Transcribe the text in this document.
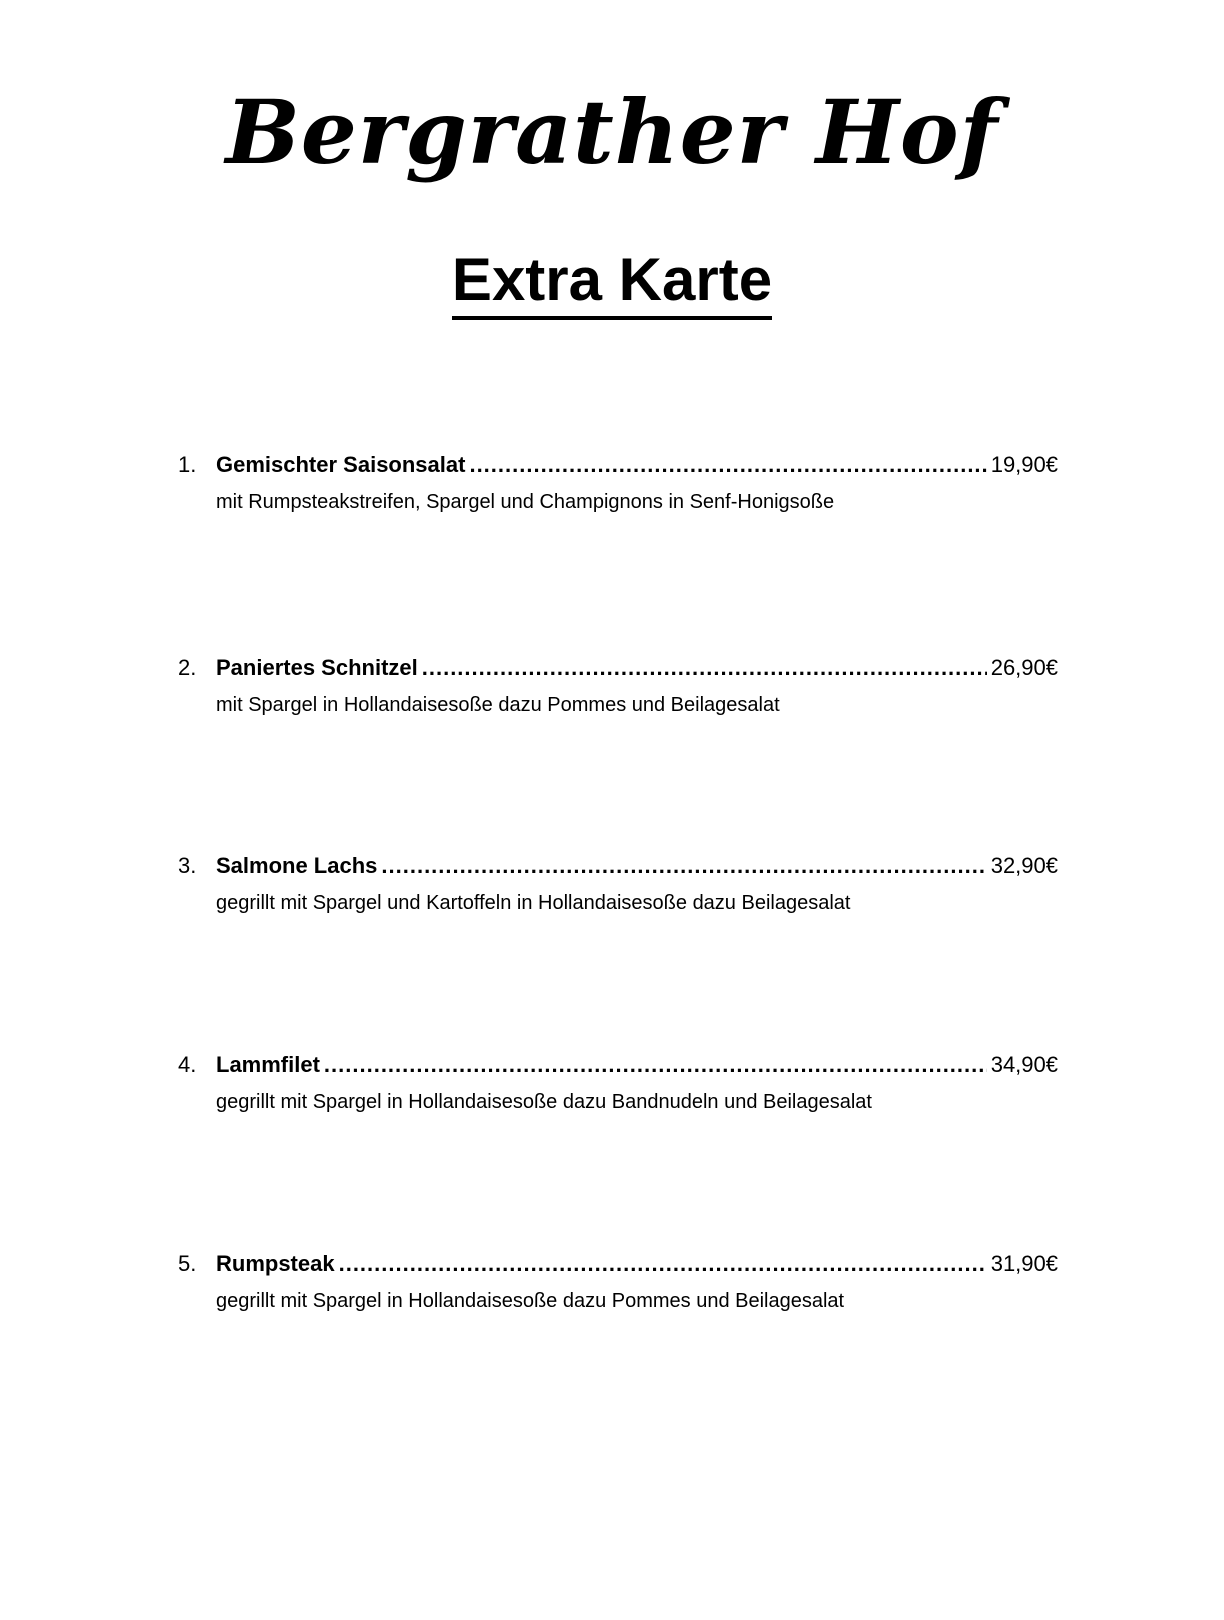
Bergrather Hof
Extra Karte
1. Gemischter Saisonsalat .....	19,90€
mit Rumpsteakstreifen, Spargel und Champignons in Senf-Honigsoße
2. Paniertes Schnitzel .....	26,90€
mit Spargel in Hollandaisesoße dazu Pommes und Beilagesalat
3. Salmone Lachs .....	32,90€
gegrillt mit Spargel und Kartoffeln in Hollandaisesoße dazu Beilagesalat
4. Lammfilet .....	34,90€
gegrillt mit Spargel in Hollandaisesoße dazu Bandnudeln und Beilagesalat
5. Rumpsteak .....	31,90€
gegrillt mit Spargel in Hollandaisesoße dazu Pommes und Beilagesalat
